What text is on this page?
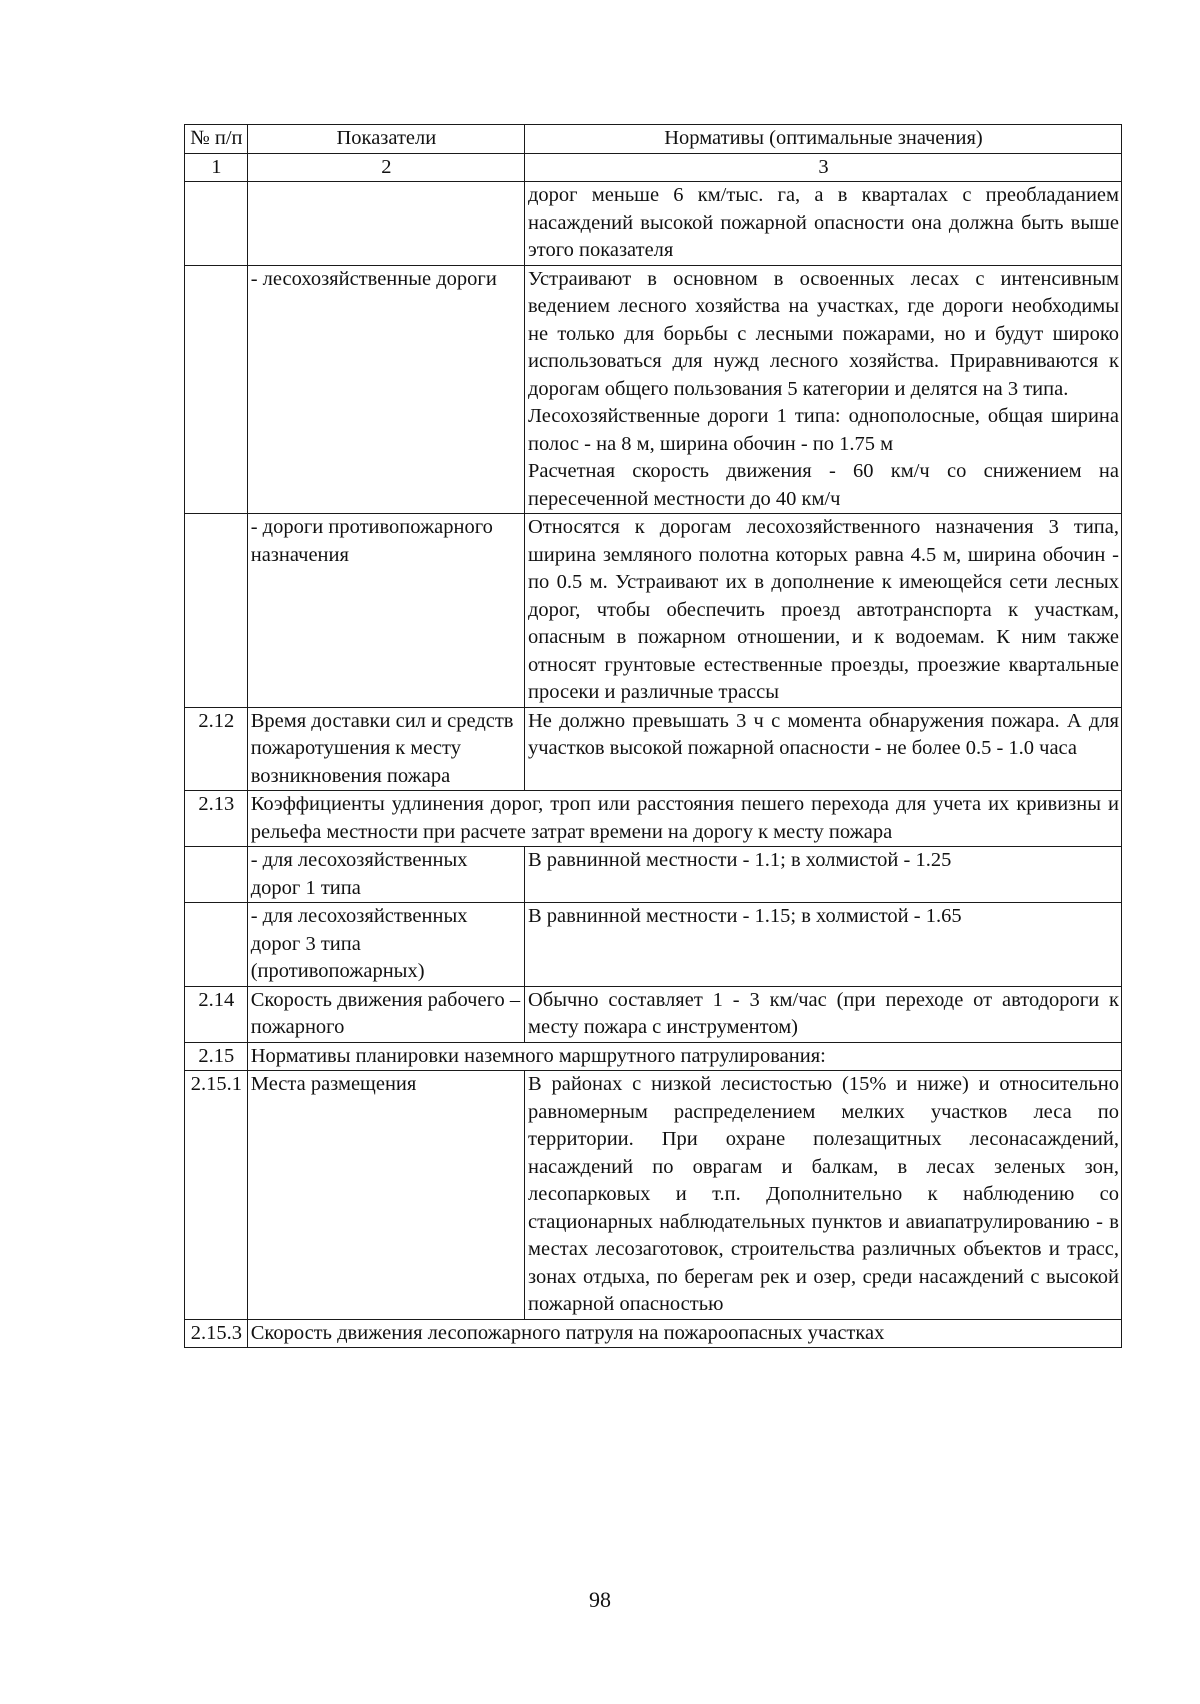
№ п/п	Показатели	Нормативы (оптимальные значения)
1	2	3

		дорог меньше 6 км/тыс. га, а в кварталах с преобладанием насаждений высокой пожарной опасности она должна быть выше этого показателя

	- лесохозяйственные дороги	Устраивают в основном в освоенных лесах с интенсивным ведением лесного хозяйства на участках, где дороги необходимы не только для борьбы с лесными пожарами, но и будут широко использоваться для нужд лесного хозяйства. Приравниваются к дорогам общего пользования 5 категории и делятся на 3 типа.
Лесохозяйственные дороги 1 типа: однополосные, общая ширина полос - на 8 м, ширина обочин - по 1.75 м
Расчетная скорость движения - 60 км/ч со снижением на пересеченной местности до 40 км/ч

	- дороги противопожарного назначения	Относятся к дорогам лесохозяйственного назначения 3 типа, ширина земляного полотна которых равна 4.5 м, ширина обочин - по 0.5 м. Устраивают их в дополнение к имеющейся сети лесных дорог, чтобы обеспечить проезд автотранспорта к участкам, опасным в пожарном отношении, и к водоемам. К ним также относят грунтовые естественные проезды, проезжие квартальные просеки и различные трассы

2.12	Время доставки сил и средств пожаротушения к месту возникновения пожара	Не должно превышать 3 ч с момента обнаружения пожара. А для участков высокой пожарной опасности - не более 0.5 - 1.0 часа

2.13	Коэффициенты удлинения дорог, троп или расстояния пешего перехода для учета их кривизны и рельефа местности при расчете затрат времени на дорогу к месту пожара	
	- для лесохозяйственных дорог 1 типа	В равнинной местности - 1.1; в холмистой - 1.25

	- для лесохозяйственных дорог 3 типа (противопожарных)	В равнинной местности - 1.15; в холмистой - 1.65

2.14	Скорость движения рабочего – пожарного	Обычно составляет 1 - 3 км/час (при переходе от автодороги к месту пожара с инструментом)

2.15	Нормативы планировки наземного маршрутного патрулирования:	
2.15.1	Места размещения	В районах с низкой лесистостью (15% и ниже) и относительно равномерным распределением мелких участков леса по территории. При охране полезащитных лесонасаждений, насаждений по оврагам и балкам, в лесах зеленых зон, лесопарковых и т.п. Дополнительно к наблюдению со стационарных наблюдательных пунктов и авиапатрулированию - в местах лесозаготовок, строительства различных объектов и трасс, зонах отдыха, по берегам рек и озер, среди насаждений с высокой пожарной опасностью

2.15.3	Скорость движения лесопожарного патруля на пожароопасных участках	
98
